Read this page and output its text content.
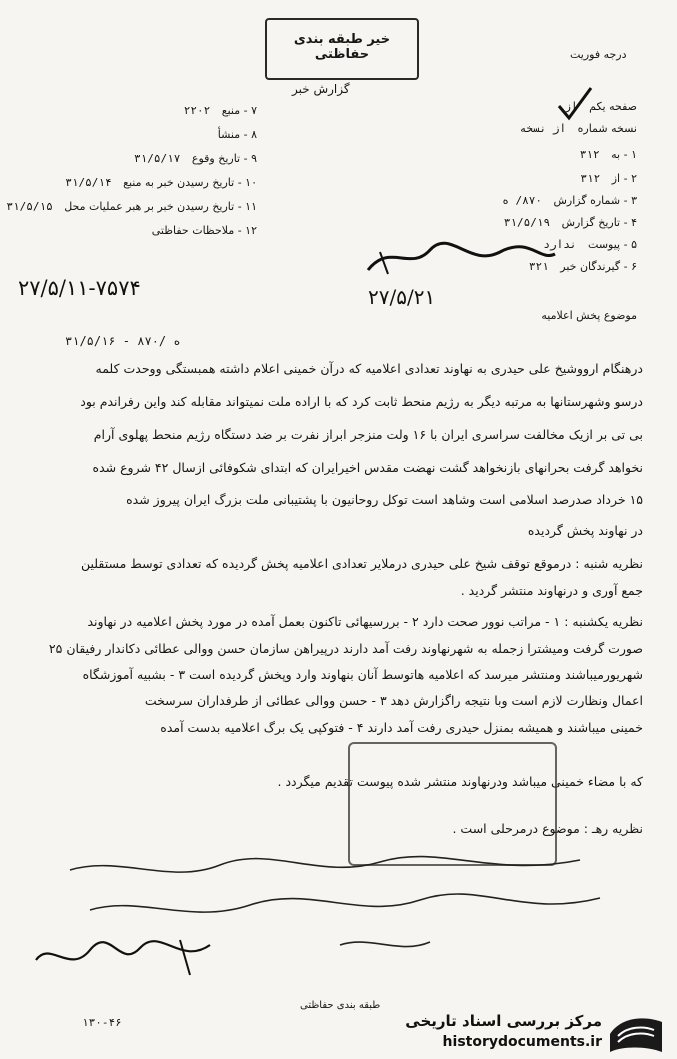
خیر طبقه بندی حفاظتی
گزارش خبر
درجه فوریت
صفحه یکم از
نسخه شماره از نسخه
۱ - به ۳۱۲
۲ - از ۳۱۲
۳ - شماره گزارش ۸۷۰/ ه
۴ - تاریخ گزارش ۳۱/۵/۱۹
۵ - پیوست ندارد
۶ - گیرندگان خبر ۳۲۱
۷ - منبع ۲۲۰۲
۸ - منشأ
۹ - تاریخ وقوع ۳۱/۵/۱۷
۱۰ - تاریخ رسیدن خبر به منبع ۳۱/۵/۱۴
۱۱ - تاریخ رسیدن خبر بر هبر عملیات محل ۳۱/۵/۱۵
۱۲ - ملاحظات حفاظتی
۲۷/۵/۱۱-۷۵۷۴	۲۷/۵/۲۱
موضوع پخش اعلامیه
۳۱/۵/۱۶ - ۸۷۰/ ه
درهنگام ارووشیخ علی حیدری به نهاوند تعدادی اعلامیه که درآن خمینی اعلام داشته همبستگی ووحدت کلمه
درسو وشهرستانها به مرتبه دیگر به رژیم منحط ثابت کرد که با اراده ملت نمیتواند مقابله کند واین رفراندم بود
بی تی بر ازیک مخالفت سراسری ایران با ۱۶ ولت منزجر ابراز نفرت بر ضد دستگاه رژیم منحط پهلوی آرام
نخواهد گرفت بحرانهای بازنخواهد گشت نهضت مقدس اخیرایران که ابتدای شکوفائی ازسال ۴۲ شروع شده
۱۵ خرداد صدرصد اسلامی است وشاهد است توکل روحانیون با پشتیبانی ملت بزرگ ایران پیروز شده
در نهاوند پخش گردیده
نظریه شنبه : درموقع توقف شیخ علی حیدری درملایر تعدادی اعلامیه پخش گردیده که تعدادی توسط مستقلین
جمع آوری و درنهاوند منتشر گردید .
نظریه یکشنبه : ۱ - مراتب نوور صحت دارد ۲ - بررسیهائی تاکنون بعمل آمده در مورد پخش اعلامیه در نهاوند
صورت گرفت ومیشترا زجمله به شهرنهاوند رفت آمد دارند درپیراهن سازمان حسن ووالی عطائی دکاندار رفیقان ۲۵
شهریورمیباشند ومنتشر میرسد که اعلامیه هاتوسط آنان بنهاوند وارد وپخش گردیده است ۳ - بشبیه آموزشگاه
اعمال ونظارت لازم است وبا نتیجه راگزارش دهد ۳ - حسن ووالی عطائی از طرفداران سرسخت
خمینی میباشند و همیشه بمنزل حیدری رفت آمد دارند ۴ - فتوکپی یک برگ اعلامیه بدست آمده
که با مضاء خمینی میباشد ودرنهاوند منتشر شده پیوست تقدیم میگردد .
نظریه رهـ : موضوع درمرحلی است .
طبقه بندی حفاظتی
۱۳۰-۴۶	مرکز بررسی اسناد تاریخی
historydocuments.ir
